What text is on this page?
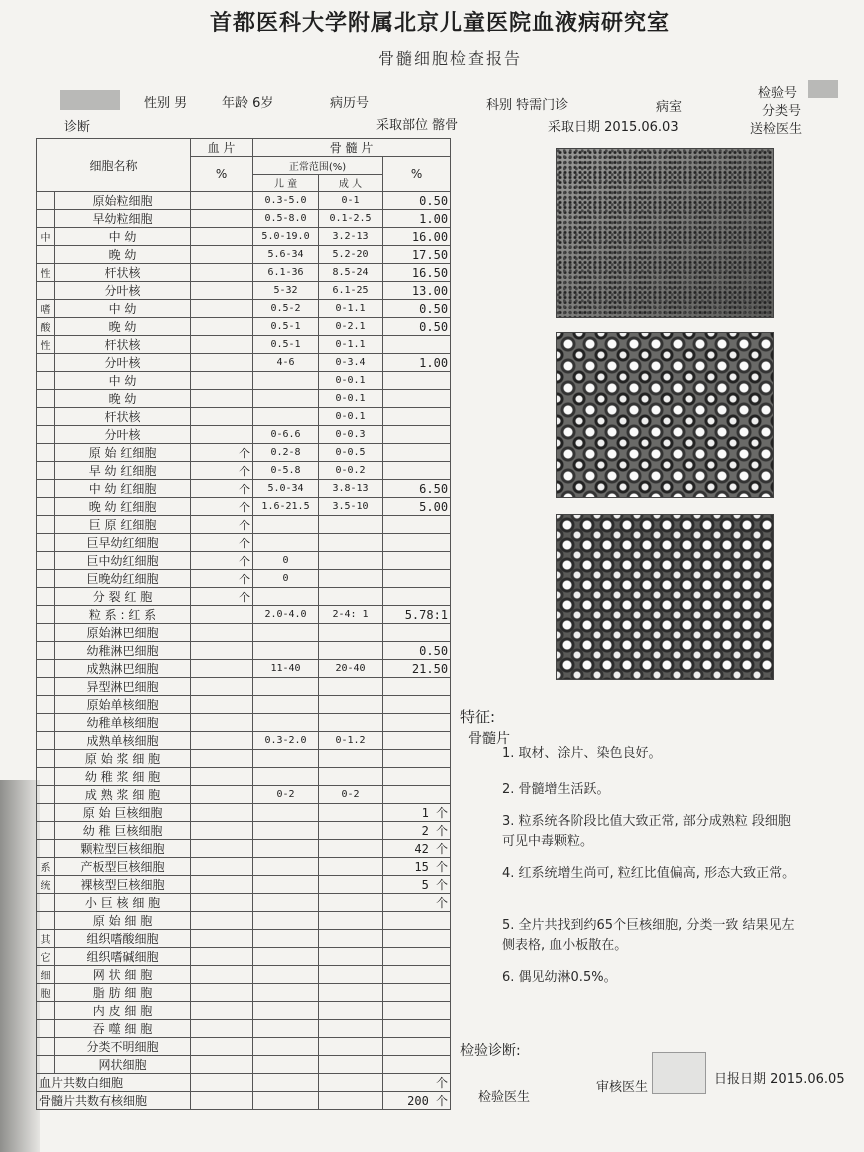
首都医科大学附属北京儿童医院血液病研究室
骨髓细胞检查报告
性别 男	年龄 6岁	病历号	科别 特需门诊	病室
检验号
分类号
诊断	采取部位 髂骨	采取日期 2015.06.03	送检医生
细胞名称		血 片	骨 髓 片		
		%	正常范围(%)		%
			儿 童	成 人	
	原始粒细胞		0.3-5.0	0-1	0.50
	早幼粒细胞		0.5-8.0	0.1-2.5	1.00
中	中 幼		5.0-19.0	3.2-13	16.00
	晚 幼		5.6-34	5.2-20	17.50
性	杆状核		6.1-36	8.5-24	16.50
	分叶核		5-32	6.1-25	13.00
嗜	中 幼		0.5-2	0-1.1	0.50
酸	晚 幼		0.5-1	0-2.1	0.50
性	杆状核		0.5-1	0-1.1	
	分叶核		4-6	0-3.4	1.00
	中 幼			0-0.1	
	晚 幼			0-0.1	
	杆状核			0-0.1	
	分叶核		0-6.6	0-0.3	
	原 始 红细胞	个	0.2-8	0-0.5	
	早 幼 红细胞	个	0-5.8	0-0.2	
	中 幼 红细胞	个	5.0-34	3.8-13	6.50
	晚 幼 红细胞	个	1.6-21.5	3.5-10	5.00
	巨 原 红细胞	个			
	巨早幼红细胞	个			
	巨中幼红细胞	个	0		
	巨晚幼红细胞	个	0		
	分 裂 红 胞	个			
	粒 系 : 红 系		2.0-4.0	2-4: 1	5.78:1
	原始淋巴细胞				
	幼稚淋巴细胞				0.50
	成熟淋巴细胞		11-40	20-40	21.50
	异型淋巴细胞				
	原始单核细胞				
	幼稚单核细胞				
	成熟单核细胞		0.3-2.0	0-1.2	
	原 始 浆 细 胞				
	幼 稚 浆 细 胞				
	成 熟 浆 细 胞		0-2	0-2	
	原 始 巨核细胞				1 个
	幼 稚 巨核细胞				2 个
	颗粒型巨核细胞				42 个
系	产板型巨核细胞				15 个
统	裸核型巨核细胞				5 个
	小 巨 核 细 胞				个
	原 始 细 胞				
其	组织嗜酸细胞				
它	组织嗜碱细胞				
细	网 状 细 胞				
胞	脂 肪 细 胞				
	内 皮 细 胞				
	吞 噬 细 胞				
	分类不明细胞				
	网状细胞				
血片共数白细胞					个
骨髓片共数有核细胞					200 个
特征:
骨髓片
1. 取材、涂片、染色良好。
2. 骨髓增生活跃。
3. 粒系统各阶段比值大致正常, 部分成熟粒 段细胞可见中毒颗粒。
4. 红系统增生尚可, 粒红比值偏高, 形态大致正常。
5. 全片共找到约65个巨核细胞, 分类一致 结果见左侧表格, 血小板散在。
6. 偶见幼淋0.5%。
检验诊断:
检验医生
审核医生
日报日期 2015.06.05
